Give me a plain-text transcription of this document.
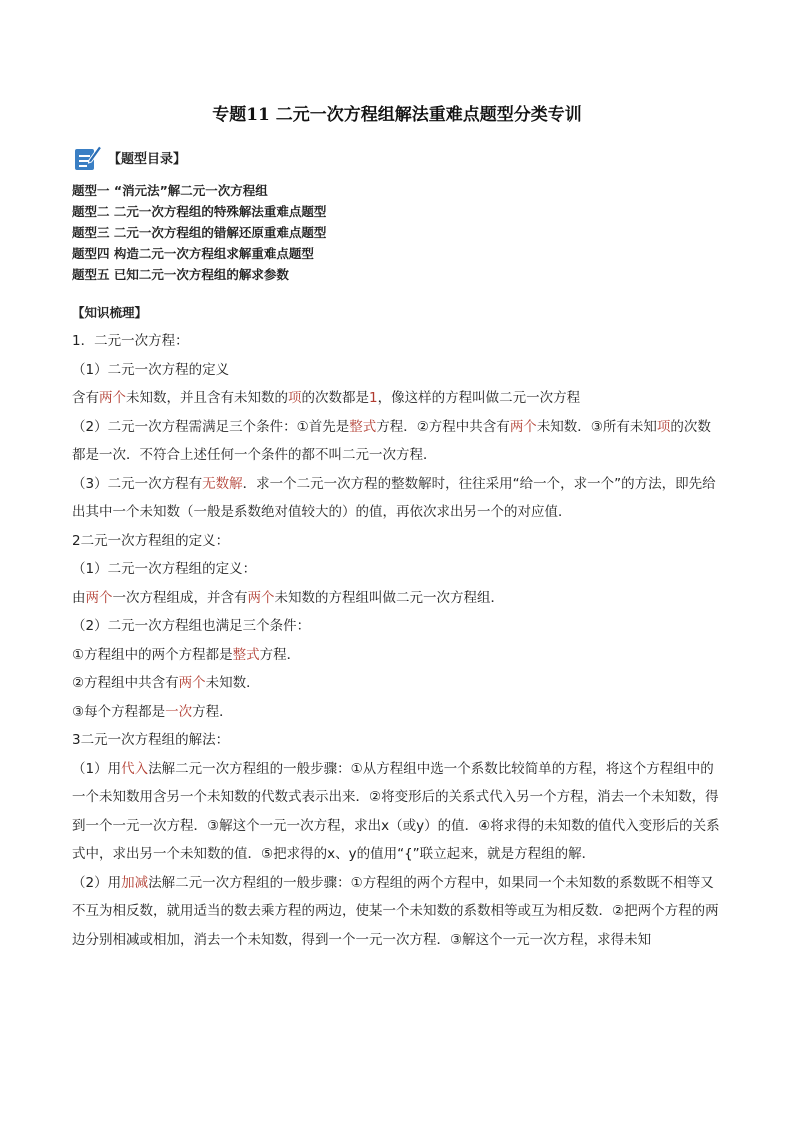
专题11 二元一次方程组解法重难点题型分类专训
【题型目录】
题型一 “消元法”解二元一次方程组
题型二 二元一次方程组的特殊解法重难点题型
题型三 二元一次方程组的错解还原重难点题型
题型四 构造二元一次方程组求解重难点题型
题型五 已知二元一次方程组的解求参数
【知识梳理】

1．二元一次方程：

（1）二元一次方程的定义

含有两个未知数，并且含有未知数的项的次数都是1，像这样的方程叫做二元一次方程

（2）二元一次方程需满足三个条件：①首先是整式方程．②方程中共含有两个未知数．③所有未知项的次数都是一次．不符合上述任何一个条件的都不叫二元一次方程．

（3）二元一次方程有无数解．求一个二元一次方程的整数解时，往往采用“给一个，求一个”的方法，即先给出其中一个未知数（一般是系数绝对值较大的）的值，再依次求出另一个的对应值．

2二元一次方程组的定义：

（1）二元一次方程组的定义：

由两个一次方程组成，并含有两个未知数的方程组叫做二元一次方程组．

（2）二元一次方程组也满足三个条件：

①方程组中的两个方程都是整式方程．

②方程组中共含有两个未知数．

③每个方程都是一次方程．

3二元一次方程组的解法：

（1）用代入法解二元一次方程组的一般步骤：①从方程组中选一个系数比较简单的方程，将这个方程组中的一个未知数用含另一个未知数的代数式表示出来．②将变形后的关系式代入另一个方程，消去一个未知数，得到一个一元一次方程．③解这个一元一次方程，求出x（或y）的值．④将求得的未知数的值代入变形后的关系式中，求出另一个未知数的值．⑤把求得的x、y的值用“{”联立起来，就是方程组的解．

（2）用加减法解二元一次方程组的一般步骤：①方程组的两个方程中，如果同一个未知数的系数既不相等又不互为相反数，就用适当的数去乘方程的两边，使某一个未知数的系数相等或互为相反数．②把两个方程的两边分别相减或相加，消去一个未知数，得到一个一元一次方程．③解这个一元一次方程，求得未知
